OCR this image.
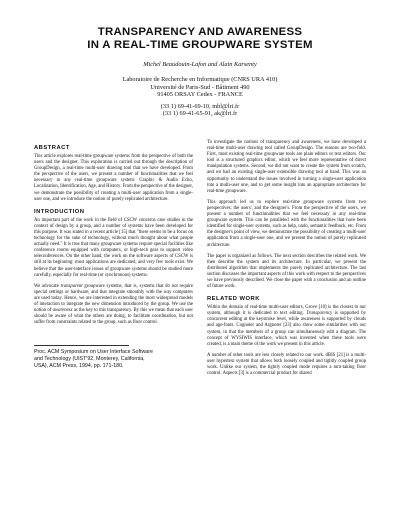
TRANSPARENCY AND AWARENESS
IN A REAL-TIME GROUPWARE SYSTEM
Michel Beaudouin-Lafon and Alain Karsenty
Laboratoire de Recherche en Informatique (CNRS URA 410)
Université de Paris-Sud - Bâtiment 490
91405 ORSAY Cedex - FRANCE
(33 1) 69-41-69-10, mbl@lri.fr
(33 1) 69-41-65-91, ak@lri.fr
ABSTRACT

This article explores real-time groupware systems from the perspective of both the users and the designer. This exploration is carried out through the description of GroupDesign, a real-time multi-user drawing tool that we have developed. From the perspective of the users, we present a number of functionalities that we feel necessary in any real-time groupware system: Graphic & Audio Echo, Localization, Identification, Age, and History. From the perspective of the designer, we demonstrate the possibility of creating a multi-user application from a single-user one, and we introduce the notion of purely replicated architecture.

INTRODUCTION

An important part of the work in the field of CSCW concerns case studies in the context of design by a group, and a number of systems have been developed for this purpose. It was stated in a recent article [15] that "there seems to be a focus on technology for the sake of technology, without much thought about what people actually need." It is true that many groupware systems require special facilities like conference rooms equipped with computers, or high-tech gear to support video teleconferences. On the other hand, the work on the software aspects of CSCW is still at its beginning: most applications are dedicated, and very few tools exist. We believe that the user-interface issues of groupware systems should be studied more carefully, especially for real-time (or synchronous) systems.

We advocate transparent groupware systems, that is, systems that do not require special settings or hardware, and that integrate smoothly with the way computers are used today. Hence, we are interested in extending the most widespread models of interaction to integrate the new dimension introduced by the group. We use the notion of awareness as the key to this transparency. By this we mean that each user should be aware of what the others are doing, to facilitate coordination, but not suffer from constraints related to the group, such as floor control.

Proc. ACM Symposium on User Interface Software
and Technology (UIST'92, Monterey, California,
USA), ACM Press, 1994, pp. 171-180.

To investigate the notions of transparency and awareness, we have developed a real-time multi-user drawing tool called GroupDesign. The reasons are two-fold. First, most existing real-time groupware tools are plain editors or text editors. Our tool is a structured graphics editor, which we feel more representative of direct manipulation systems. Second, we did not want to create the system from scratch, and we had an existing single-user extensible drawing tool at hand. This was an opportunity to understand the issues involved in turning a single-user application into a multi-user one, and to get some insight into an appropriate architecture for real-time groupware.

This approach led us to explore real-time groupware systems from two perspectives: the users', and the designer's. From the perspective of the users, we present a number of functionalities that we feel necessary in any real-time groupware system. This can be paralleled with the functionalities that have been identified for single-user systems, such as help, undo, semantic feedback, etc. From the designer's point of view, we demonstrate the possibility of creating a multi-user application from a single-user one, and we present the notion of purely replicated architecture.

The paper is organized as follows. The next section describes the related work. We then describe the system and its architecture. In particular, we present the distributed algorithm that implements the purely replicated architecture. The last section discusses the important aspects of this work with respect to the perspectives we have previously described. We close the paper with a conclusion and an outline of future work.

RELATED WORK

Within the domain of real-time multi-user editors, Grove [10] is the closest to our system, although it is dedicated to text editing. Transparency is supported by concurrent editing at the keystroke level, while awareness is supported by clouds and age-fonts. Cognoter and Argnoter [23] also show some similarities with our system, in that the members of a group can simultaneously edit a diagram. The concept of WYSIWIS interface, which was invented when these tools were created, is a main theme of the work we present in this article.

A number of other tools are less closely related to our work. dBIS [21] is a multi-user hypertext system that allows both loosely coupled and tightly coupled group work. Unlike our system, the tightly coupled mode requires a turn-taking floor control. Aspects [3] is a commercial product for shared
